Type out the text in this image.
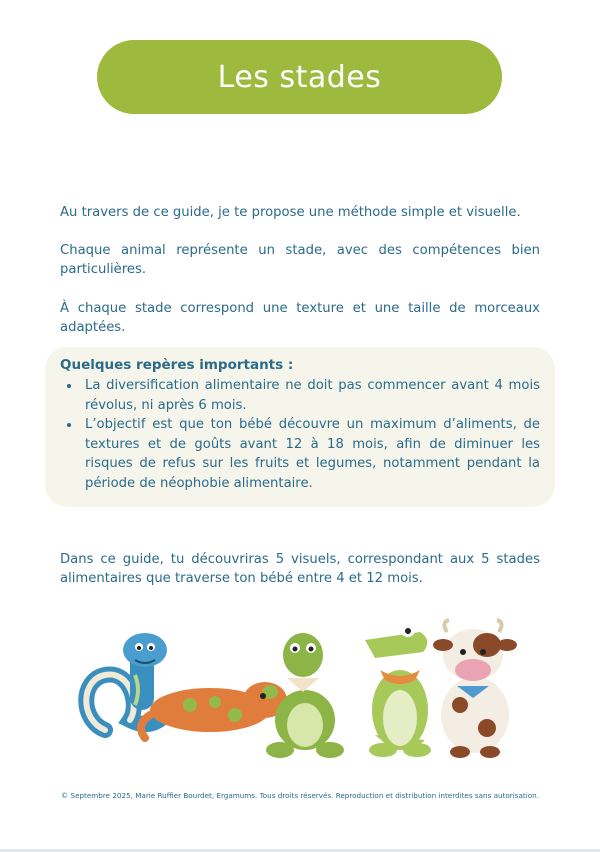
Les stades

Au travers de ce guide, je te propose une méthode simple et visuelle.

Chaque animal représente un stade, avec des compétences bien particulières.

À chaque stade correspond une texture et une taille de morceaux adaptées.

Quelques repères importants :

La diversification alimentaire ne doit pas commencer avant 4 mois révolus, ni après 6 mois.
L’objectif est que ton bébé découvre un maximum d’aliments, de textures et de goûts avant 12 à 18 mois, afin de diminuer les risques de refus sur les fruits et legumes, notamment pendant la période de néophobie alimentaire.

Dans ce guide, tu découvriras 5 visuels, correspondant aux 5 stades alimentaires que traverse ton bébé entre 4 et 12 mois.

© Septembre 2025, Marie Ruffier Bourdet, Ergamums. Tous droits réservés. Reproduction et distribution interdites sans autorisation.
